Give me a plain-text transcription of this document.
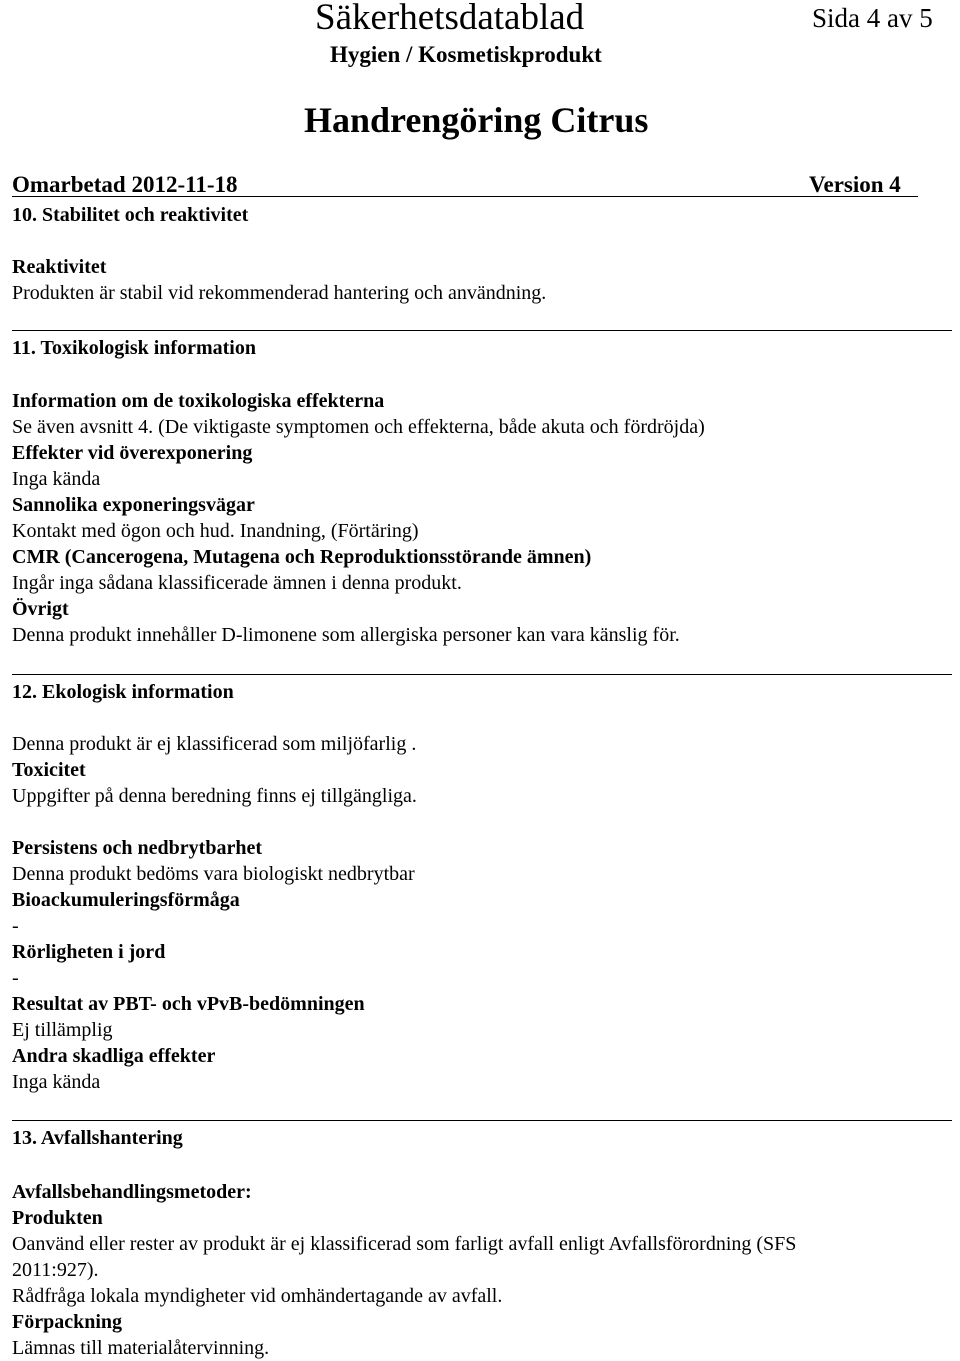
Säkerhetsdatablad	Sida 4 av 5
Hygien / Kosmetiskprodukt
Handrengöring Citrus
Omarbetad 2012-11-18	Version 4
10. Stabilitet och reaktivitet
Reaktivitet
Produkten är stabil vid rekommenderad hantering och användning.
11. Toxikologisk information
Information om de toxikologiska effekterna
Se även avsnitt 4. (De viktigaste symptomen och effekterna, både akuta och fördröjda)
Effekter vid överexponering
Inga kända
Sannolika exponeringsvägar
Kontakt med ögon och hud. Inandning, (Förtäring)
CMR (Cancerogena, Mutagena och Reproduktionsstörande ämnen)
Ingår inga sådana klassificerade ämnen i denna produkt.
Övrigt
Denna produkt innehåller D-limonene som allergiska personer kan vara känslig för.
12. Ekologisk information
Denna produkt är ej klassificerad som miljöfarlig .
Toxicitet
Uppgifter på denna beredning finns ej tillgängliga.
Persistens och nedbrytbarhet
Denna produkt bedöms vara biologiskt nedbrytbar
Bioackumuleringsförmåga
-
Rörligheten i jord
-
Resultat av PBT- och vPvB-bedömningen
Ej tillämplig
Andra skadliga effekter
Inga kända
13. Avfallshantering
Avfallsbehandlingsmetoder:
Produkten
Oanvänd eller rester av produkt är ej klassificerad som farligt avfall enligt Avfallsförordning (SFS
2011:927).
Rådfråga lokala myndigheter vid omhändertagande av avfall.
Förpackning
Lämnas till materialåtervinning.
